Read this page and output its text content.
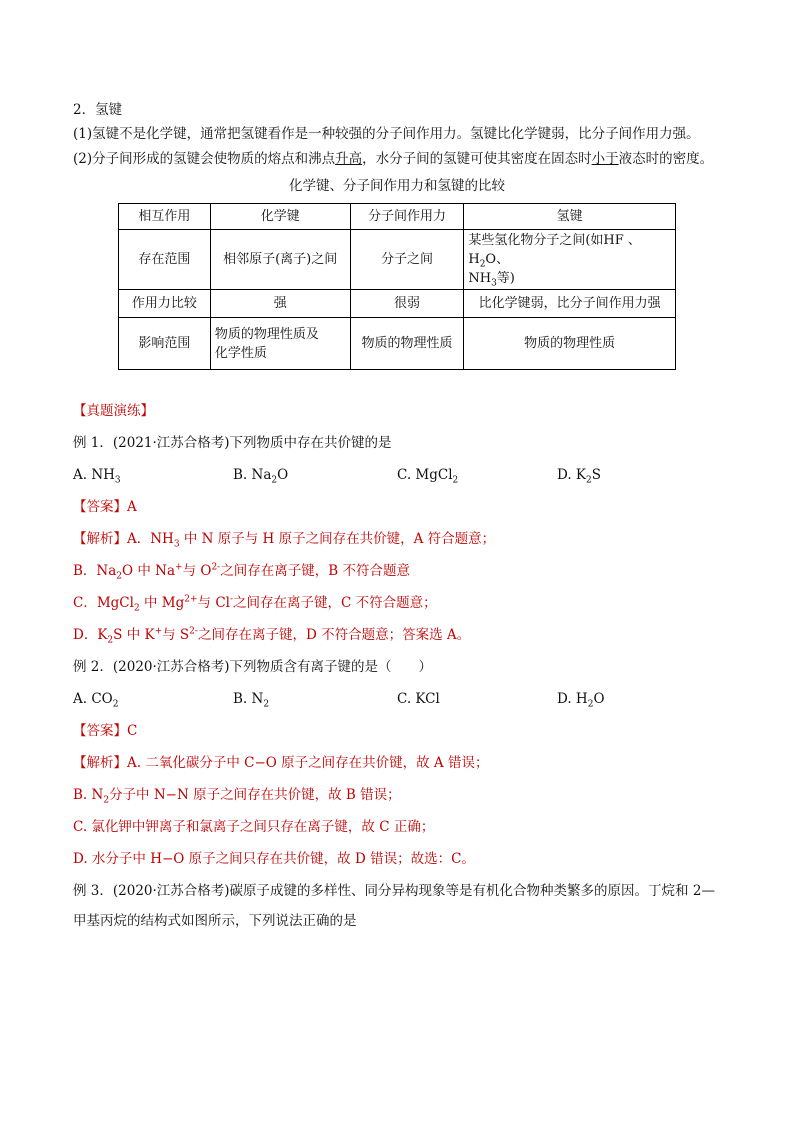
2．氢键
(1)氢键不是化学键，通常把氢键看作是一种较强的分子间作用力。氢键比化学键弱，比分子间作用力强。
(2)分子间形成的氢键会使物质的熔点和沸点升高，水分子间的氢键可使其密度在固态时小于液态时的密度。
化学键、分子间作用力和氢键的比较
相互作用	化学键	分子间作用力	氢键
存在范围	相邻原子(离子)之间	分子之间	某些氢化物分子之间(如HF 、$H_2O$、
$NH_3$等)
作用力比较	强	很弱	比化学键弱，比分子间作用力强
影响范围	物质的物理性质及
化学性质	物质的物理性质	物质的物理性质
【真题演练】
例 1．(2021·江苏合格考)下列物质中存在共价键的是
A. $NH_3$	B. $Na_2O$	C. MgCl$_2$	D. $K_2S$
【答案】A
【解析】A．$NH_3$ 中 N 原子与 H 原子之间存在共价键，A 符合题意；
B．$Na_2O$ 中 Na+与 $O^{2-}$之间存在离子键，B 不符合题意
C．MgCl$_2$ 中 $Mg^{2+}$与 Cl-之间存在离子键，C 不符合题意；
D．$K_2S$ 中 K+与 $S^{2-}$之间存在离子键，D 不符合题意；答案选 A。
例 2．(2020·江苏合格考)下列物质含有离子键的是（　　）
A. $CO_2$	B. $N_2$	C. KCl	D. $H_2O$
【答案】C
【解析】A. 二氧化碳分子中 C−O 原子之间存在共价键，故 A 错误；
B. $N_2$分子中 N−N 原子之间存在共价键，故 B 错误；
C. 氯化钾中钾离子和氯离子之间只存在离子键，故 C 正确；
D. 水分子中 H−O 原子之间只存在共价键，故 D 错误；故选：C。
例 3．(2020·江苏合格考)碳原子成键的多样性、同分异构现象等是有机化合物种类繁多的原因。丁烷和 2—
甲基丙烷的结构式如图所示，下列说法正确的是
